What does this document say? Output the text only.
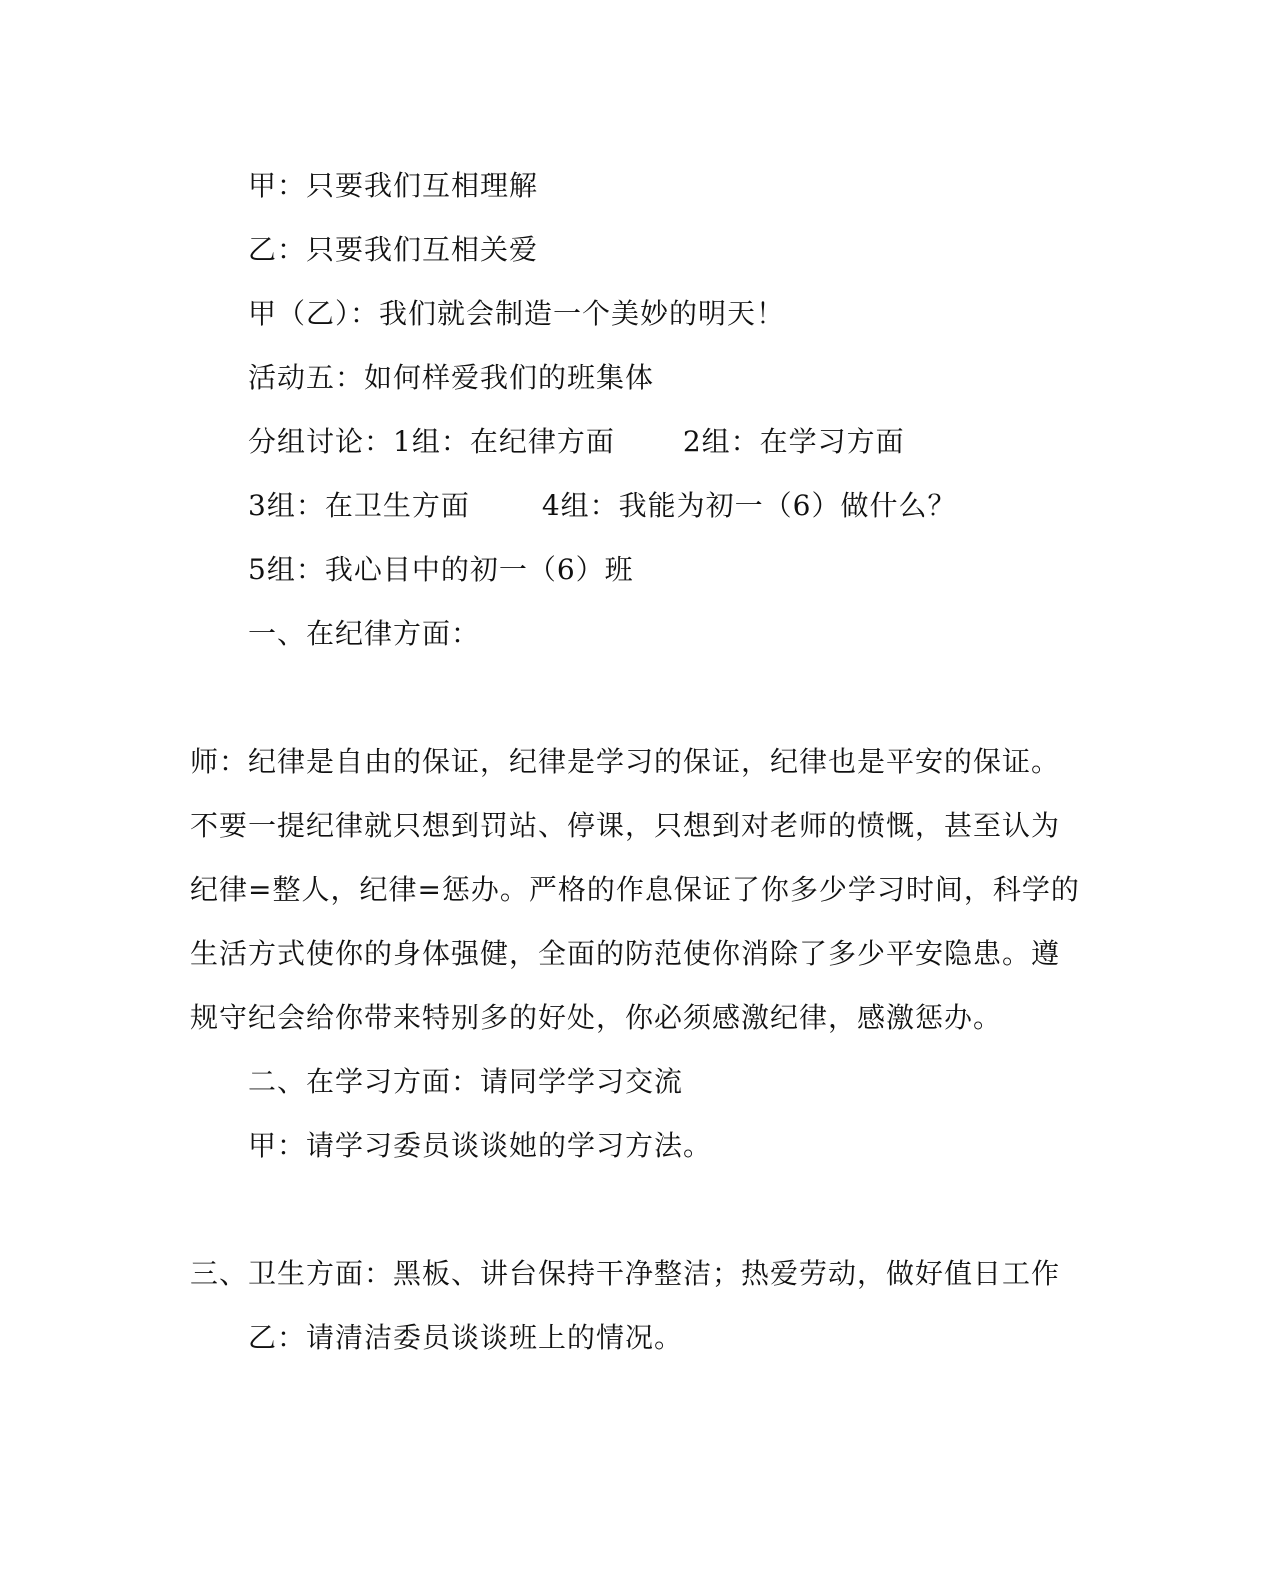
甲：只要我们互相理解
乙：只要我们互相关爱
甲（乙）：我们就会制造一个美妙的明天！
活动五：如何样爱我们的班集体
分组讨论：1组：在纪律方面 2组：在学习方面
3组：在卫生方面	4组：我能为初一（6）做什么？
5组：我心目中的初一（6）班
一、在纪律方面：
师：纪律是自由的保证，纪律是学习的保证，纪律也是平安的保证。
不要一提纪律就只想到罚站、停课，只想到对老师的愤慨，甚至认为
纪律=整人，纪律=惩办。严格的作息保证了你多少学习时间，科学的
生活方式使你的身体强健，全面的防范使你消除了多少平安隐患。遵
规守纪会给你带来特别多的好处，你必须感激纪律，感激惩办。
二、在学习方面：请同学学习交流
甲：请学习委员谈谈她的学习方法。
三、卫生方面：黑板、讲台保持干净整洁；热爱劳动，做好值日工作
乙：请清洁委员谈谈班上的情况。
